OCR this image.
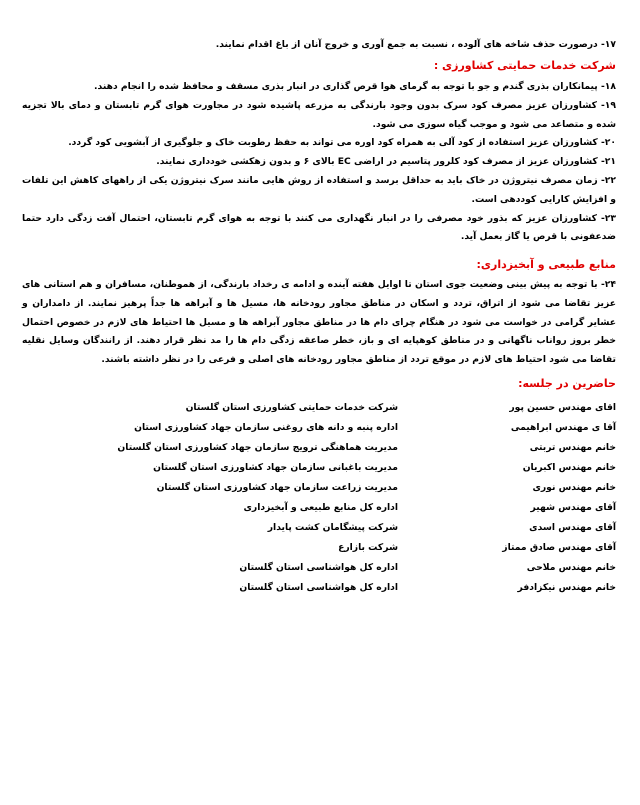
۱۷- درصورت حذف شاخه های آلوده ، نسبت به جمع آوری و خروج آنان از باغ اقدام نمایند.

شرکت خدمات حمایتی کشاورزی :

۱۸- پیمانکاران بذری گندم و جو با توجه به گرمای هوا قرص گذاری در انبار بذری مسقف و محافظ شده را انجام دهند.

۱۹- کشاورزان عزیز مصرف کود سرک بدون وجود بارندگی به مزرعه پاشیده شود در مجاورت هوای گرم تابستان و دمای بالا تجزیه شده و متصاعد می شود و موجب گیاه سوزی می شود.

۲۰- کشاورزان عزیز استفاده از کود آلی به همراه کود اوره می تواند به حفظ رطوبت خاک و جلوگیری از آبشویی کود گردد.

۲۱- کشاورزان عزیز از مصرف کود کلرور پتاسیم در اراضی EC بالای ۶ و بدون زهکشی خودداری نمایند.

۲۲- زمان مصرف نیتروژن در خاک باید به حداقل برسد و استفاده از روش هایی مانند سرک نیتروژن یکی از راههای کاهش این تلفات و افزایش کارایی کوددهی است.

۲۳- کشاورزان عزیز که بذور خود مصرفی را در انبار نگهداری می کنند با توجه به هوای گرم تابستان، احتمال آفت زدگی دارد حتما ضدعفونی با قرص یا گاز بعمل آید.

منابع طبیعی و آبخیزداری:

۲۴- با توجه به پیش بینی وضعیت جوی استان تا اوایل هفته آینده و ادامه ی رخداد بارندگی، از هموطنان، مسافران و هم استانی های عزیز تقاضا می شود از اتراق، تردد و اسکان در مناطق مجاور رودخانه ها، مسیل ها و آبراهه ها جداً پرهیز نمایند. از دامداران و عشایر گرامی در خواست می شود در هنگام چرای دام ها در مناطق مجاور آبراهه ها و مسیل ها احتیاط های لازم در خصوص احتمال خطر بروز رواناب ناگهانی و در مناطق کوهپایه ای و باز، خطر صاعقه زدگی دام ها را مد نظر قرار دهند. از رانندگان وسایل نقلیه تقاضا می شود احتیاط های لازم در موقع تردد از مناطق مجاور رودخانه های اصلی و فرعی را در نظر داشته باشند.

حاضرین در جلسه:
اقای مهندس حسین پور
شرکت خدمات حمایتی کشاورزی استان گلستان
آقا ی مهندس ابراهیمی
اداره پنبه و دانه های روغنی سازمان جهاد کشاورزی استان
خانم مهندس تربتی
مدیریت هماهنگی ترویج سازمان جهاد کشاورزی استان گلستان
خانم مهندس اکبریان
مدیریت باغبانی سازمان جهاد کشاورزی استان گلستان
خانم مهندس نوری
مدیریت زراعت سازمان جهاد کشاورزی استان گلستان
آقای مهندس شهیر
اداره کل منابع طبیعی و آبخیزداری
آقای مهندس اسدی
شرکت پیشگامان کشت پایدار
آقای مهندس صادق ممتاز
شرکت بازارع
خانم مهندس ملاحی
اداره کل هواشناسی استان گلستان
خانم مهندس نیکزادفر
اداره کل هواشناسی استان گلستان
